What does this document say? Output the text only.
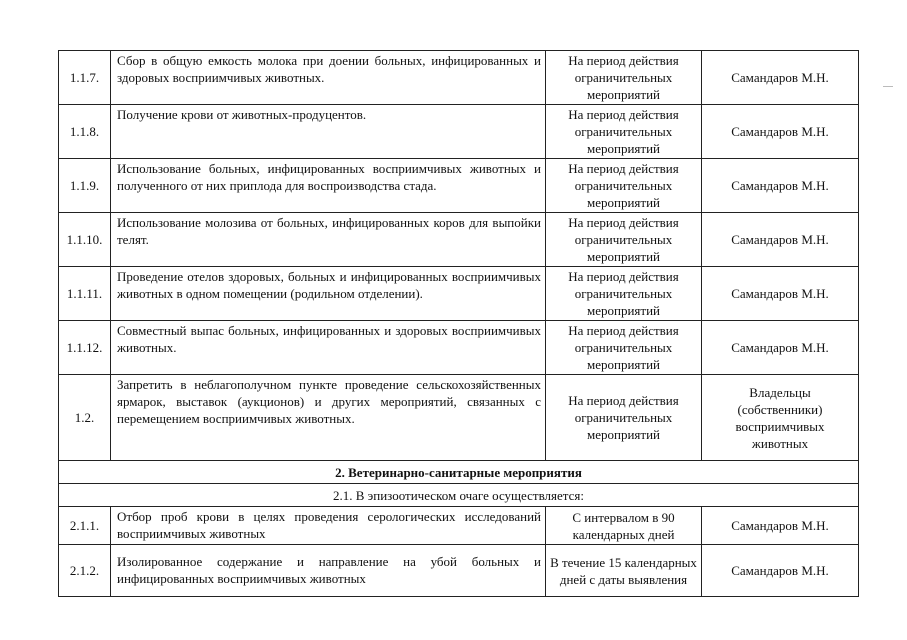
1.1.7.	Сбор в общую емкость молока при доении больных, инфицированных и здоровых восприимчивых животных.	На период действия ограничительных мероприятий	Самандаров М.Н.
1.1.8.	Получение крови от животных-продуцентов.	На период действия ограничительных мероприятий	Самандаров М.Н.
1.1.9.	Использование больных, инфицированных восприимчивых животных и полученного от них приплода для воспроизводства стада.	На период действия ограничительных мероприятий	Самандаров М.Н.
1.1.10.	Использование молозива от больных, инфицированных коров для выпойки телят.	На период действия ограничительных мероприятий	Самандаров М.Н.
1.1.11.	Проведение отелов здоровых, больных и инфицированных восприимчивых животных в одном помещении (родильном отделении).	На период действия ограничительных мероприятий	Самандаров М.Н.
1.1.12.	Совместный выпас больных, инфицированных и здоровых восприимчивых животных.	На период действия ограничительных мероприятий	Самандаров М.Н.
1.2.	Запретить в неблагополучном пункте проведение сельскохозяйственных ярмарок, выставок (аукционов) и других мероприятий, связанных с перемещением восприимчивых животных.	На период действия ограничительных мероприятий	Владельцы (собственники) восприимчивых животных
2. Ветеринарно-санитарные мероприятия			
2.1. В эпизоотическом очаге осуществляется:			
2.1.1.	Отбор проб крови в целях проведения серологических исследований восприимчивых животных	С интервалом в 90 календарных дней	Самандаров М.Н.
2.1.2.	Изолированное содержание и направление на убой больных и инфицированных восприимчивых животных	В течение 15 календарных дней с даты выявления	Самандаров М.Н.
